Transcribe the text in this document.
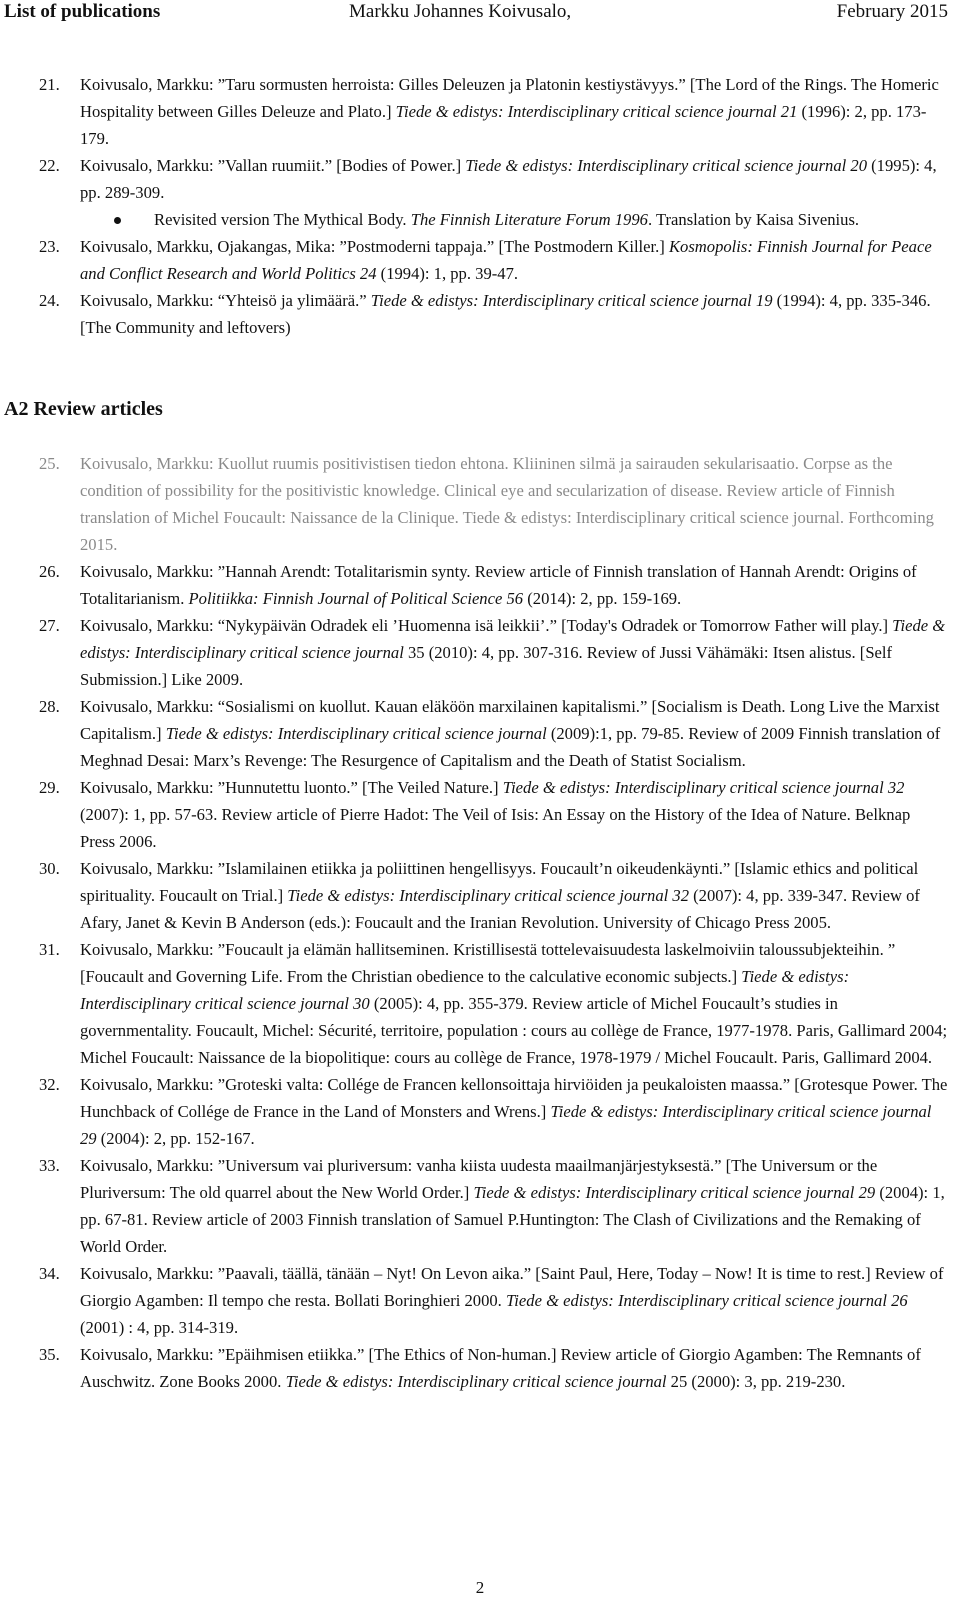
List of publications	Markku Johannes Koivusalo,	February 2015
21. Koivusalo, Markku: ”Taru sormusten herroista: Gilles Deleuzen ja Platonin kestiystävyys.” [The Lord of the Rings. The Homeric Hospitality between Gilles Deleuze and Plato.] Tiede & edistys: Interdisciplinary critical science journal 21 (1996): 2, pp. 173-179.
22. Koivusalo, Markku: ”Vallan ruumiit.” [Bodies of Power.] Tiede & edistys: Interdisciplinary critical science journal 20 (1995): 4, pp. 289-309.
Revisited version The Mythical Body. The Finnish Literature Forum 1996. Translation by Kaisa Sivenius.
23. Koivusalo, Markku, Ojakangas, Mika: ”Postmoderni tappaja.” [The Postmodern Killer.] Kosmopolis: Finnish Journal for Peace and Conflict Research and World Politics 24 (1994): 1, pp. 39-47.
24. Koivusalo, Markku: “Yhteisö ja ylimäärä.” Tiede & edistys: Interdisciplinary critical science journal 19 (1994): 4, pp. 335-346. [The Community and leftovers)
A2 Review articles
25. Koivusalo, Markku: Kuollut ruumis positivistisen tiedon ehtona. Kliininen silmä ja sairauden sekularisaatio. Corpse as the condition of possibility for the positivistic knowledge. Clinical eye and secularization of disease. Review article of Finnish translation of Michel Foucault: Naissance de la Clinique. Tiede & edistys: Interdisciplinary critical science journal. Forthcoming 2015.
26. Koivusalo, Markku: ”Hannah Arendt: Totalitarismin synty. Review article of Finnish translation of Hannah Arendt: Origins of Totalitarianism. Politiikka: Finnish Journal of Political Science 56 (2014): 2, pp. 159-169.
27. Koivusalo, Markku: “Nykypäivän Odradek eli ’Huomenna isä leikkii’.” [Today's Odradek or Tomorrow Father will play.] Tiede & edistys: Interdisciplinary critical science journal 35 (2010): 4, pp. 307-316. Review of Jussi Vähämäki: Itsen alistus. [Self Submission.] Like 2009.
28. Koivusalo, Markku: “Sosialismi on kuollut. Kauan eläköön marxilainen kapitalismi.” [Socialism is Death. Long Live the Marxist Capitalism.] Tiede & edistys: Interdisciplinary critical science journal (2009):1, pp. 79-85. Review of 2009 Finnish translation of Meghnad Desai: Marx’s Revenge: The Resurgence of Capitalism and the Death of Statist Socialism.
29. Koivusalo, Markku: ”Hunnutettu luonto.” [The Veiled Nature.] Tiede & edistys: Interdisciplinary critical science journal 32 (2007): 1, pp. 57-63. Review article of Pierre Hadot: The Veil of Isis: An Essay on the History of the Idea of Nature. Belknap Press 2006.
30. Koivusalo, Markku: ”Islamilainen etiikka ja poliittinen hengellisyys. Foucault’n oikeudenkäynti.” [Islamic ethics and political spirituality. Foucault on Trial.] Tiede & edistys: Interdisciplinary critical science journal 32 (2007): 4, pp. 339-347. Review of Afary, Janet & Kevin B Anderson (eds.): Foucault and the Iranian Revolution. University of Chicago Press 2005.
31. Koivusalo, Markku: ”Foucault ja elämän hallitseminen. Kristillisestä tottelevaisuudesta laskelmoiviin taloussubjekteihin. ” [Foucault and Governing Life. From the Christian obedience to the calculative economic subjects.] Tiede & edistys: Interdisciplinary critical science journal 30 (2005): 4, pp. 355-379. Review article of Michel Foucault’s studies in governmentality. Foucault, Michel: Sécurité, territoire, population : cours au collège de France, 1977-1978. Paris, Gallimard 2004; Michel Foucault: Naissance de la biopolitique: cours au collège de France, 1978-1979 / Michel Foucault. Paris, Gallimard 2004.
32. Koivusalo, Markku: ”Groteski valta: Collége de Francen kellonsoittaja hirviöiden ja peukaloisten maassa.” [Grotesque Power. The Hunchback of Collége de France in the Land of Monsters and Wrens.] Tiede & edistys: Interdisciplinary critical science journal 29 (2004): 2, pp. 152-167.
33. Koivusalo, Markku: ”Universum vai pluriversum: vanha kiista uudesta maailmanjärjestyksestä.” [The Universum or the Pluriversum: The old quarrel about the New World Order.] Tiede & edistys: Interdisciplinary critical science journal 29 (2004): 1, pp. 67-81. Review article of 2003 Finnish translation of Samuel P.Huntington: The Clash of Civilizations and the Remaking of World Order.
34. Koivusalo, Markku: ”Paavali, täällä, tänään – Nyt! On Levon aika.” [Saint Paul, Here, Today – Now! It is time to rest.] Review of Giorgio Agamben: Il tempo che resta. Bollati Boringhieri 2000. Tiede & edistys: Interdisciplinary critical science journal 26 (2001) : 4, pp. 314-319.
35. Koivusalo, Markku: ”Epäihmisen etiikka.” [The Ethics of Non-human.] Review article of Giorgio Agamben: The Remnants of Auschwitz. Zone Books 2000. Tiede & edistys: Interdisciplinary critical science journal 25 (2000): 3, pp. 219-230.
2
